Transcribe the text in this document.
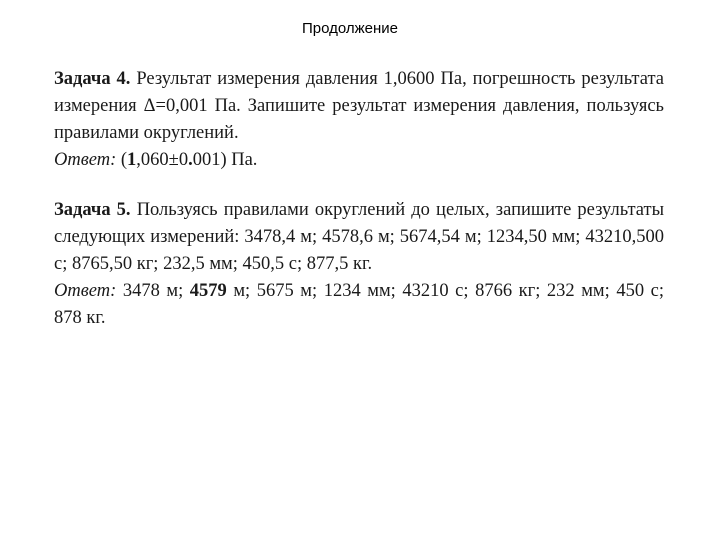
Продолжение

Задача 4. Результат измерения давления 1,0600 Па, погрешность результата измерения Δ=0,001 Па. Запишите результат измерения давления, пользуясь правилами округлений.

Ответ: (1,060±0.001) Па.

Задача 5. Пользуясь правилами округлений до целых, запишите результаты следующих измерений: 3478,4 м; 4578,6 м; 5674,54 м; 1234,50 мм; 43210,500 с; 8765,50 кг; 232,5 мм; 450,5 с; 877,5 кг.

Ответ: 3478 м; 4579 м; 5675 м; 1234 мм; 43210 с; 8766 кг; 232 мм; 450 с; 878 кг.
